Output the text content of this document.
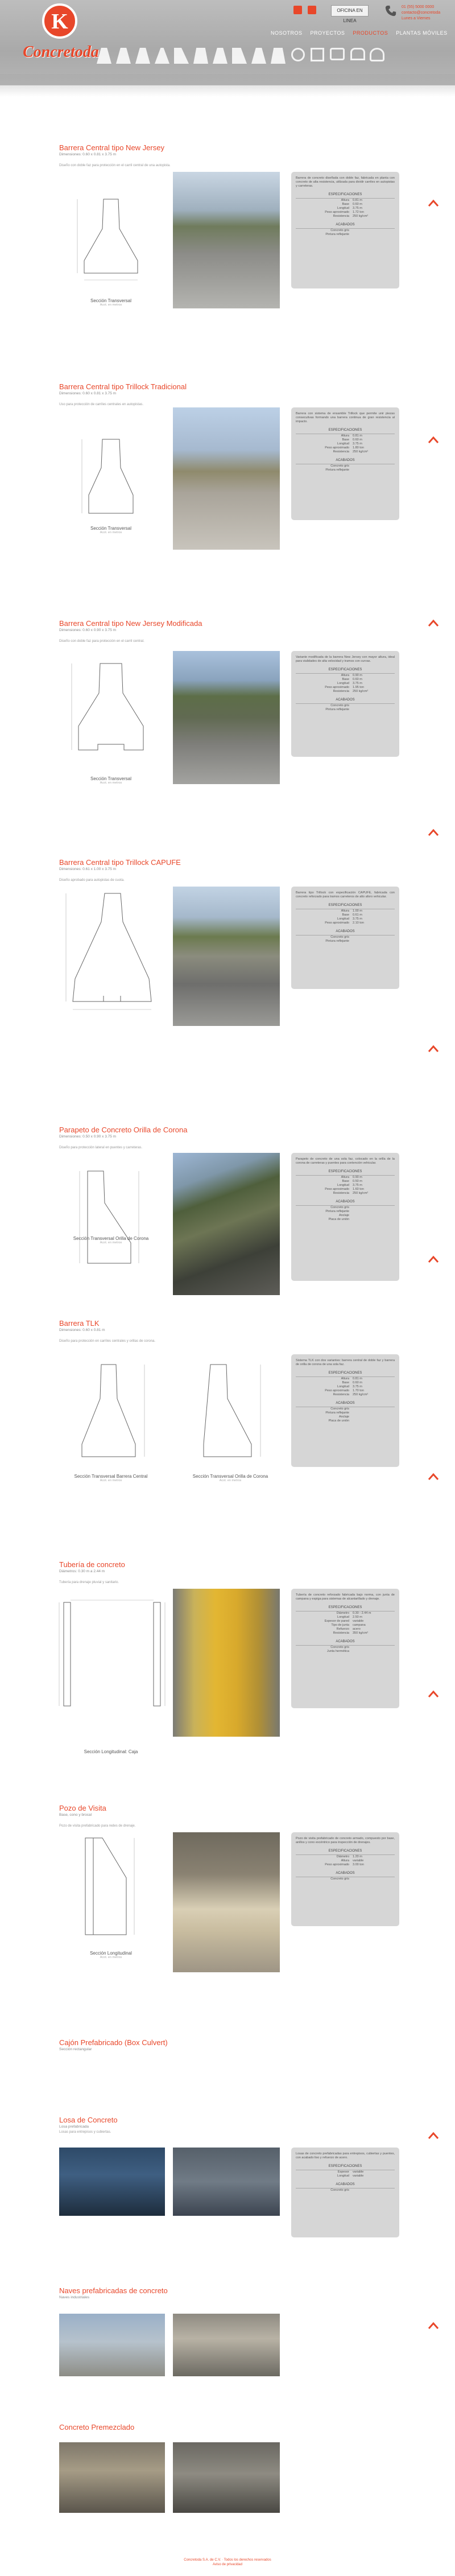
K
Concretoda

OFICINA EN LINEA
01 (55) 5000 0000
contacto@concretoda
Lunes a Viernes
NOSOTROS PROYECTOS PRODUCTOS PLANTAS MÓVILES
Barrera Central tipo New Jersey
Dimensiones: 0.60 x 0.81 x 3.75 m
Diseño con doble faz para protección en el carril central de una autopista.
Sección Transversal
Acot. en metros
Barrera de concreto diseñada con doble faz, fabricada en planta con concreto de alta resistencia, utilizada para dividir carriles en autopistas y carreteras.
ESPECIFICACIONES
Altura 0.81 m
Base 0.60 m
Longitud 3.75 m
Peso aproximado 1.72 ton
Resistencia 250 kg/cm²
ACABADOS
Concreto gris
Pintura reflejante
Barrera Central tipo Trillock Tradicional
Dimensiones: 0.60 x 0.81 x 3.75 m
Uso para protección de carriles centrales en autopistas.
Sección Transversal
Acot. en metros
Barrera con sistema de ensamble Trillock que permite unir piezas consecutivas formando una barrera continua de gran resistencia al impacto.
ESPECIFICACIONES
Altura 0.81 m
Base 0.60 m
Longitud 3.75 m
Peso aproximado 1.80 ton
Resistencia 250 kg/cm²
ACABADOS
Concreto gris
Pintura reflejante
Barrera Central tipo New Jersey Modificada
Dimensiones: 0.60 x 0.90 x 3.75 m
Diseño con doble faz para protección en el carril central.
Sección Transversal
Acot. en metros
Variante modificada de la barrera New Jersey con mayor altura, ideal para vialidades de alta velocidad y tramos con curvas.
ESPECIFICACIONES
Altura 0.90 m
Base 0.60 m
Longitud 3.75 m
Peso aproximado 1.95 ton
Resistencia 250 kg/cm²
ACABADOS
Concreto gris
Pintura reflejante
Barrera Central tipo Trillock CAPUFE
Dimensiones: 0.61 x 1.00 x 3.75 m
Diseño aprobado para autopistas de cuota.
Barrera tipo Trillock con especificación CAPUFE, fabricada con concreto reforzado para tramos carreteros de alto aforo vehicular.
ESPECIFICACIONES
Altura 1.00 m
Base 0.61 m
Longitud 3.75 m
Peso aproximado 2.10 ton
ACABADOS
Concreto gris
Pintura reflejante
Parapeto de Concreto Orilla de Corona
Dimensiones: 0.50 x 0.90 x 3.75 m
Diseño para protección lateral en puentes y carreteras.
Sección Transversal Orilla de Corona
Acot. en metros
Parapeto de concreto de una sola faz, colocado en la orilla de la corona de carreteras y puentes para contención vehicular.
ESPECIFICACIONES
Altura 0.90 m
Base 0.50 m
Longitud 3.75 m
Peso aproximado 1.60 ton
Resistencia 250 kg/cm²
ACABADOS
Concreto gris
Pintura reflejante
Anclaje
Placa de unión
Barrera TLK
Dimensiones: 0.60 x 0.81 m
Diseño para protección en carriles centrales y orillas de corona.
Sección Transversal Barrera Central
Acot. en metros
Sección Transversal Orilla de Corona
Acot. en metros
Sistema TLK con dos variantes: barrera central de doble faz y barrera de orilla de corona de una sola faz.
ESPECIFICACIONES
Altura 0.81 m
Base 0.60 m
Longitud 3.75 m
Peso aproximado 1.70 ton
Resistencia 250 kg/cm²
ACABADOS
Concreto gris
Pintura reflejante
Anclaje
Placa de unión
Tubería de concreto
Diámetros: 0.30 m a 2.44 m
Tubería para drenaje pluvial y sanitario.
Sección Longitudinal: Caja
Tubería de concreto reforzado fabricada bajo norma, con junta de campana y espiga para sistemas de alcantarillado y drenaje.
ESPECIFICACIONES
Diámetro 0.30 - 2.44 m
Longitud 2.50 m
Espesor de pared variable
Tipo de junta campana
Refuerzo acero
Resistencia 350 kg/cm²
ACABADOS
Concreto gris
Junta hermética
Pozo de Visita
Base, cono y brocal
Pozo de visita prefabricado para redes de drenaje.
Sección Longitudinal
Acot. en metros
Pozo de visita prefabricado de concreto armado, compuesto por base, anillos y cono excéntrico para inspección de drenajes.
ESPECIFICACIONES
Diámetro 1.20 m
Altura variable
Peso aproximado 3.00 ton
ACABADOS
Concreto gris
Cajón Prefabricado (Box Culvert)
Sección rectangular
Losa de Concreto
Losa prefabricada
Losas para entrepisos y cubiertas.
Losas de concreto prefabricadas para entrepisos, cubiertas y puentes, con acabado liso y refuerzo de acero.
ESPECIFICACIONES
Espesor variable
Longitud variable
ACABADOS
Concreto gris
Naves prefabricadas de concreto
Naves industriales
Concreto Premezclado
Concretoda S.A. de C.V. · Todos los derechos reservados
Aviso de privacidad
